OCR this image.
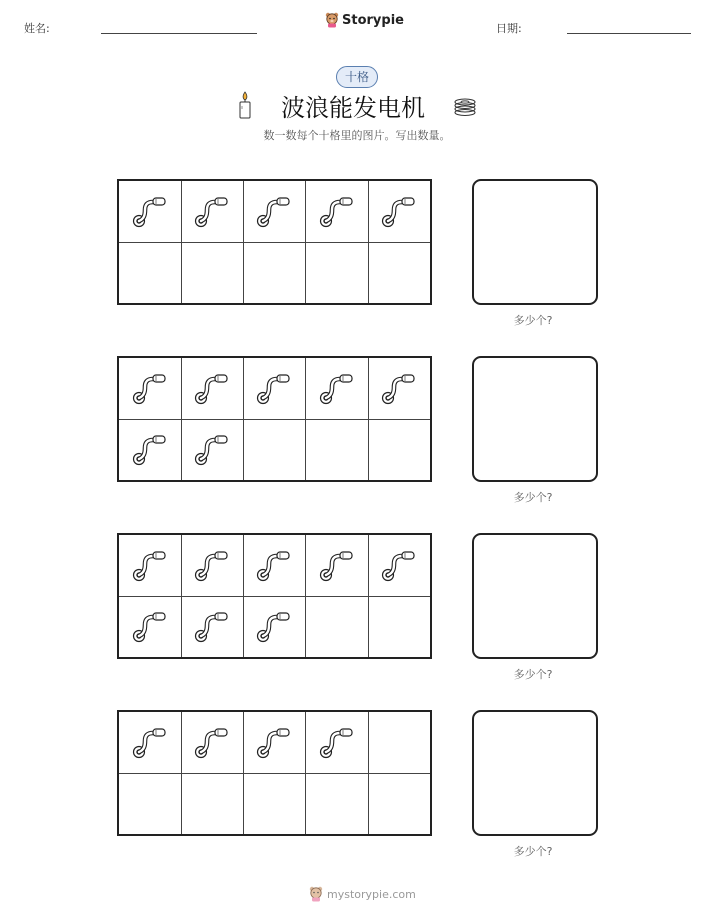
姓名:
Storypie
日期:
十格
波浪能发电机
数一数每个十格里的图片。写出数量。
多少个?
多少个?
多少个?
多少个?
mystorypie.com
